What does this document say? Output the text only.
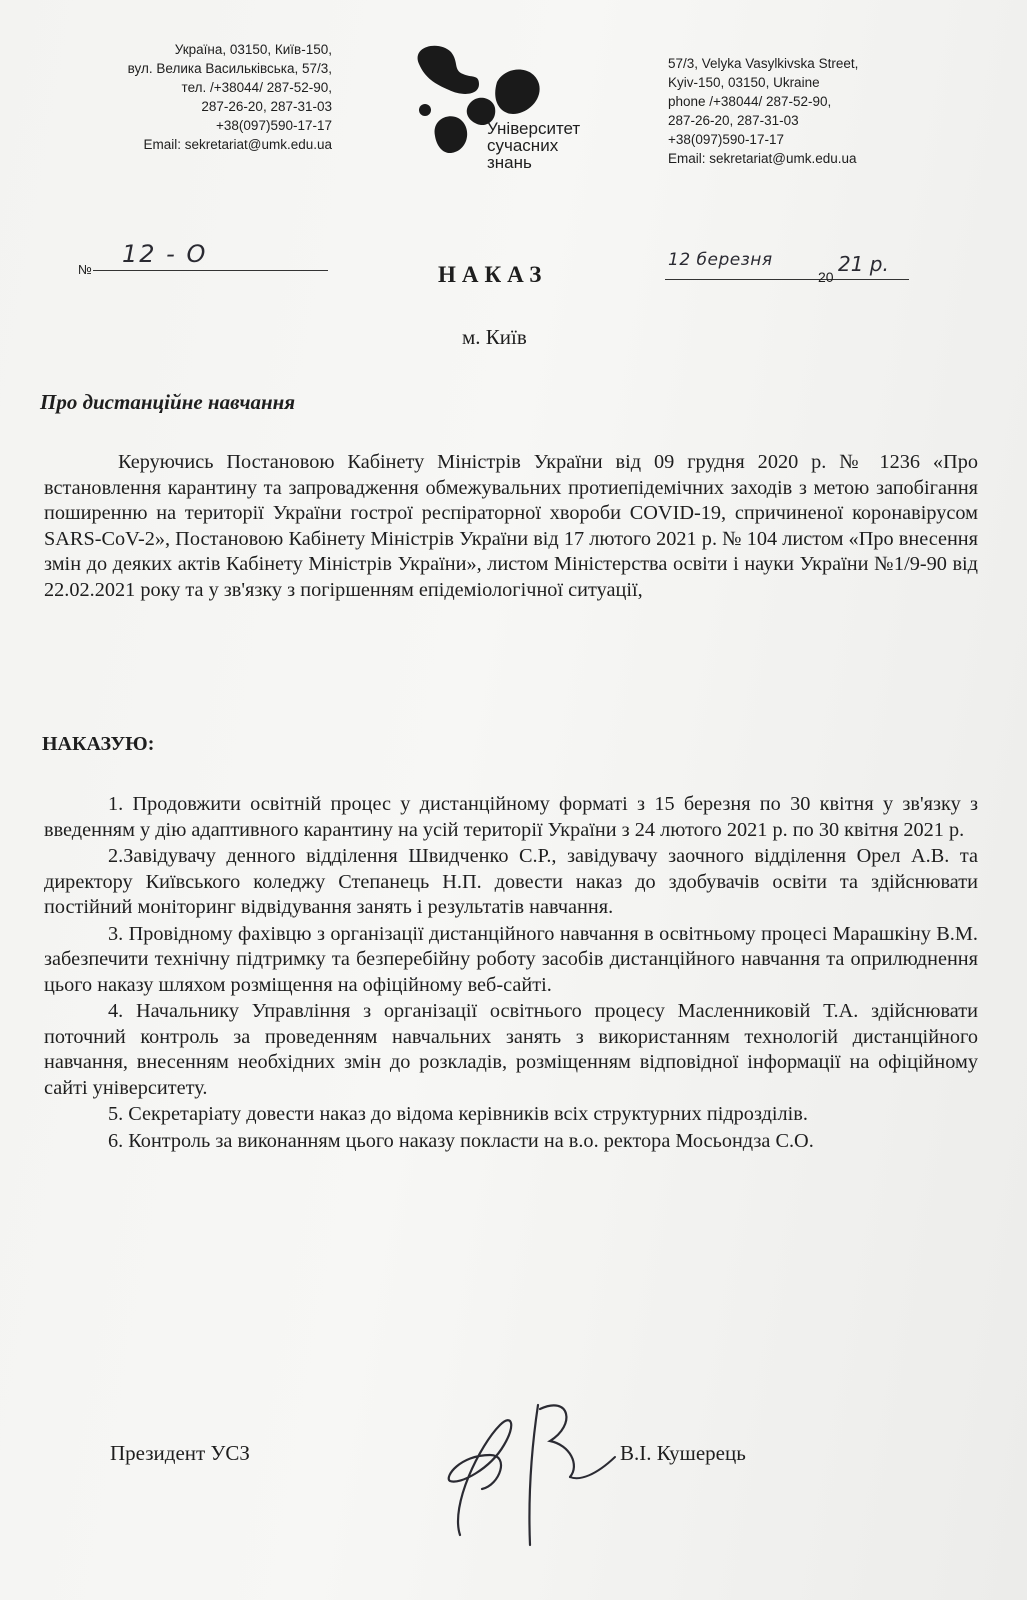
Україна, 03150, Київ-150,
вул. Велика Васильківська, 57/3,
тел. /+38044/ 287-52-90,
287-26-20, 287-31-03
+38(097)590-17-17
Email: sekretariat@umk.edu.ua
Університет
сучасних
знань
57/3, Velyka Vasylkivska Street,
Kyiv-150, 03150, Ukraine
phone /+38044/ 287-52-90,
287-26-20, 287-31-03
+38(097)590-17-17
Email: sekretariat@umk.edu.ua
№
12 - О
НАКАЗ
12 березня
20
21 р.
м. Київ
Про дистанційне навчання
Керуючись Постановою Кабінету Міністрів України від 09 грудня 2020 р. № 1236 «Про встановлення карантину та запровадження обмежувальних протиепідемічних заходів з метою запобігання поширенню на території України гострої респіраторної хвороби COVID-19, спричиненої коронавірусом SARS-CoV-2», Постановою Кабінету Міністрів України від 17 лютого 2021 р. № 104 листом «Про внесення змін до деяких актів Кабінету Міністрів України», листом Міністерства освіти і науки України №1/9-90 від 22.02.2021 року та у зв'язку з погіршенням епідеміологічної ситуації,
НАКАЗУЮ:

1. Продовжити освітній процес у дистанційному форматі з 15 березня по 30 квітня у зв'язку з введенням у дію адаптивного карантину на усій території України з 24 лютого 2021 р. по 30 квітня 2021 р.

2.Завідувачу денного відділення Швидченко С.Р., завідувачу заочного відділення Орел А.В. та директору Київського коледжу Степанець Н.П. довести наказ до здобувачів освіти та здійснювати постійний моніторинг відвідування занять і результатів навчання.

3. Провідному фахівцю з організації дистанційного навчання в освітньому процесі Марашкіну В.М. забезпечити технічну підтримку та безперебійну роботу засобів дистанційного навчання та оприлюднення цього наказу шляхом розміщення на офіційному веб-сайті.

4. Начальнику Управління з організації освітнього процесу Масленниковій Т.А. здійснювати поточний контроль за проведенням навчальних занять з використанням технологій дистанційного навчання, внесенням необхідних змін до розкладів, розміщенням відповідної інформації на офіційному сайті університету.

5. Секретаріату довести наказ до відома керівників всіх структурних підрозділів.

6. Контроль за виконанням цього наказу покласти на в.о. ректора Мосьондза С.О.

Президент УСЗ	В.І. Кушерець
